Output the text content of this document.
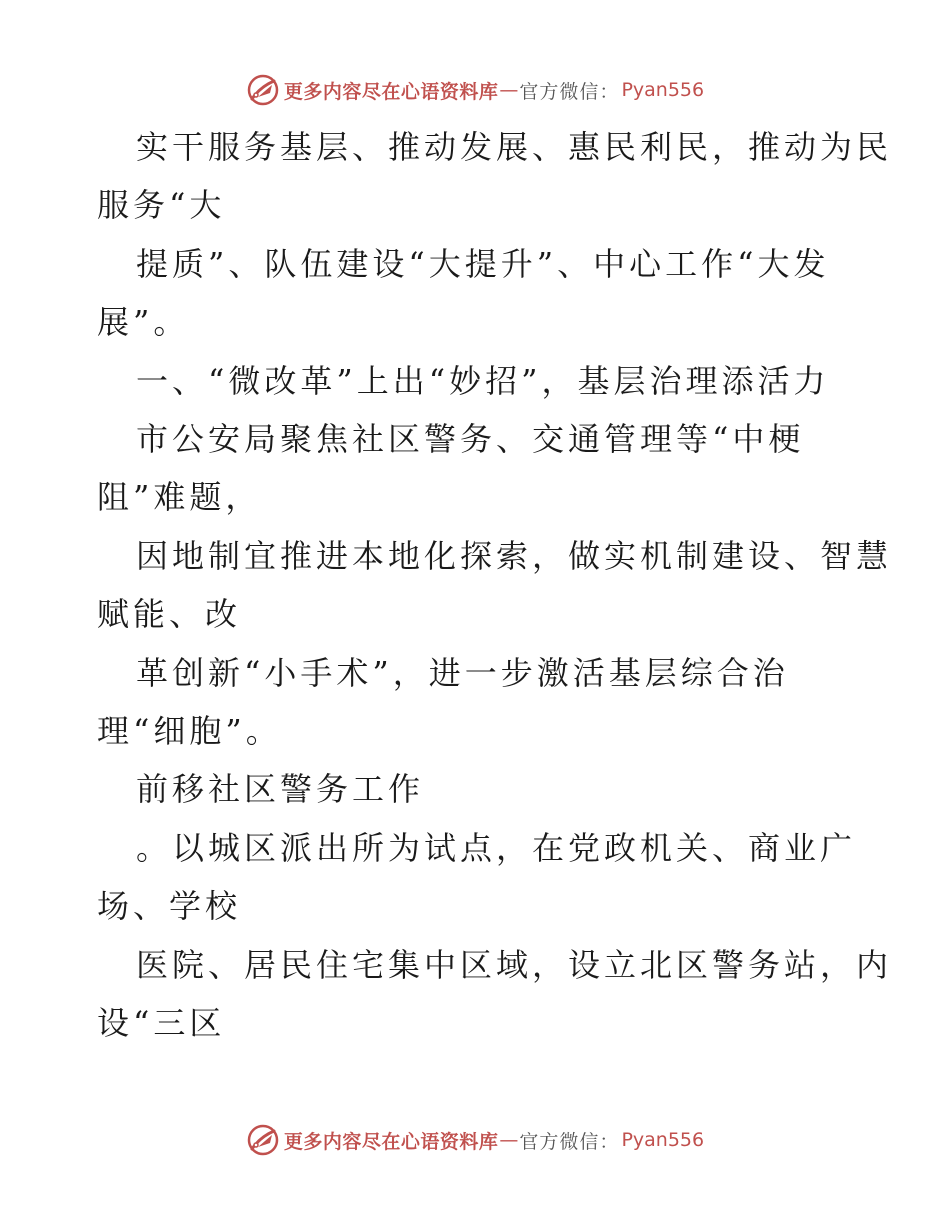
更多内容尽在心语资料库 — 官方微信： Pyan556
实干服务基层、推动发展、惠民利民，推动为民
服务“大
提质”、队伍建设“大提升”、中心工作“大发
展”。
一、“微改革”上出“妙招”，基层治理添活力
市公安局聚焦社区警务、交通管理等“中梗
阻”难题，
因地制宜推进本地化探索，做实机制建设、智慧
赋能、改
革创新“小手术”，进一步激活基层综合治
理“细胞”。
前移社区警务工作
。以城区派出所为试点，在党政机关、商业广
场、学校
医院、居民住宅集中区域，设立北区警务站，内
设“三区
更多内容尽在心语资料库 — 官方微信： Pyan556
